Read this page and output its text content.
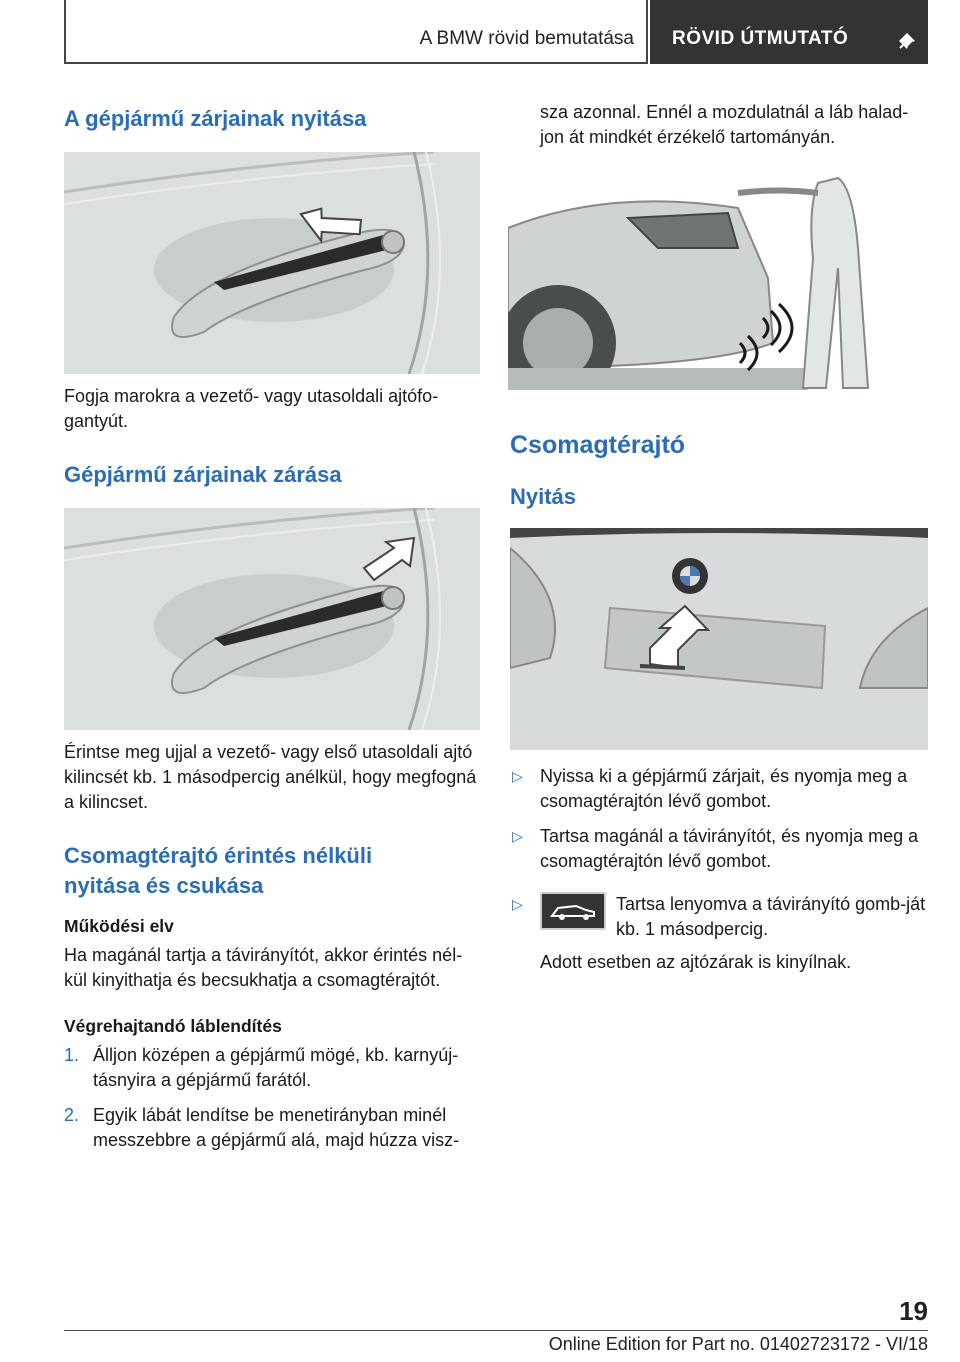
A BMW rövid bemutatása RÖVID ÚTMUTATÓ
A gépjármű zárjainak nyitása

Fogja marokra a vezető- vagy utasoldali ajtófo-gantyút.

Gépjármű zárjainak zárása

Érintse meg ujjal a vezető- vagy első utasoldali ajtó kilincsét kb. 1 másodpercig anélkül, hogy megfogná a kilincset.

Csomagtérajtó érintés nélküli
nyitása és csukása
Működési elv

Ha magánál tartja a távirányítót, akkor érintés nél-kül kinyithatja és becsukhatja a csomagtérajtót.

Végrehajtandó láblendítés
1. Álljon középen a gépjármű mögé, kb. karnyúj-tásnyira a gépjármű farától.
2. Egyik lábát lendítse be menetirányban minél messzebbre a gépjármű alá, majd húzza visz-

sza azonnal. Ennél a mozdulatnál a láb halad-jon át mindkét érzékelő tartományán.

Csomagtérajtó
Nyitás
▷ Nyissa ki a gépjármű zárjait, és nyomja meg a csomagtérajtón lévő gombot.
▷ Tartsa magánál a távirányítót, és nyomja meg a csomagtérajtón lévő gombot.
▷	Tartsa lenyomva a távirányító gomb-ját kb. 1 másodpercig.

Adott esetben az ajtózárak is kinyílnak.

19
Online Edition for Part no. 01402723172 - VI/18
